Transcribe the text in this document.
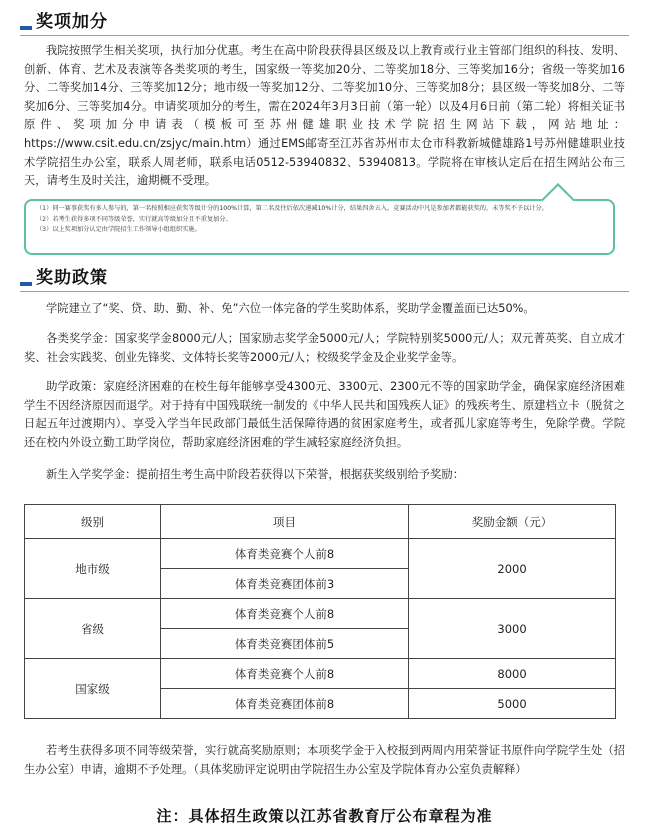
奖项加分
我院按照学生相关奖项，执行加分优惠。考生在高中阶段获得县区级及以上教育或行业主管部门组织的科技、发明、创新、体育、艺术及表演等各类奖项的考生，国家级一等奖加20分、二等奖加18分、三等奖加16分；省级一等奖加16分、二等奖加14分、三等奖加12分；地市级一等奖加12分、二等奖加10分、三等奖加8分；县区级一等奖加8分、二等奖加6分、三等奖加4分。申请奖项加分的考生，需在2024年3月3日前（第一轮）以及4月6日前（第二轮）将相关证书原件、奖项加分申请表（模板可至苏州健雄职业技术学院招生网站下载，网站地址：https://www.csit.edu.cn/zsjyc/main.htm）通过EMS邮寄至江苏省苏州市太仓市科教新城健雄路1号苏州健雄职业技术学院招生办公室，联系人周老师，联系电话0512-53940832、53940813。学院将在审核认定后在招生网站公布三天，请考生及时关注，逾期概不受理。
（1）同一赛事获奖有多人参与的，第一名按照相应获奖等级计分的100%计算，第二名及往后依次递减10%计分，结果四舍五入。竞赛活动中凡是参加者都能获奖的，未等奖不予以计分。
（2）若考生获得多项不同等级荣誉，实行就高等级加分且不重复加分。
（3）以上奖项加分认定由学院招生工作领导小组组织实施。
奖助政策
学院建立了“奖、贷、助、勤、补、免”六位一体完备的学生奖助体系，奖助学金覆盖面已达50%。
各类奖学金：国家奖学金8000元/人；国家励志奖学金5000元/人；学院特别奖5000元/人；双元菁英奖、自立成才奖、社会实践奖、创业先锋奖、文体特长奖等2000元/人；校级奖学金及企业奖学金等。
助学政策：家庭经济困难的在校生每年能够享受4300元、3300元、2300元不等的国家助学金，确保家庭经济困难学生不因经济原因而退学。对于持有中国残联统一制发的《中华人民共和国残疾人证》的残疾考生、原建档立卡（脱贫之日起五年过渡期内）、享受入学当年民政部门最低生活保障待遇的贫困家庭考生，或者孤儿家庭等考生，免除学费。学院还在校内外设立勤工助学岗位，帮助家庭经济困难的学生减轻家庭经济负担。
新生入学奖学金：提前招生考生高中阶段若获得以下荣誉，根据获奖级别给予奖励：
级别	项目	奖励金额（元）
地市级	体育类竞赛个人前8	2000
	体育类竞赛团体前3	
省级	体育类竞赛个人前8	3000
	体育类竞赛团体前5	
国家级	体育类竞赛个人前8	8000
	体育类竞赛团体前8	5000
若考生获得多项不同等级荣誉，实行就高奖励原则；本项奖学金于入校报到两周内用荣誉证书原件向学院学生处（招生办公室）申请，逾期不予处理。（具体奖励评定说明由学院招生办公室及学院体育办公室负责解释）
注：具体招生政策以江苏省教育厅公布章程为准
